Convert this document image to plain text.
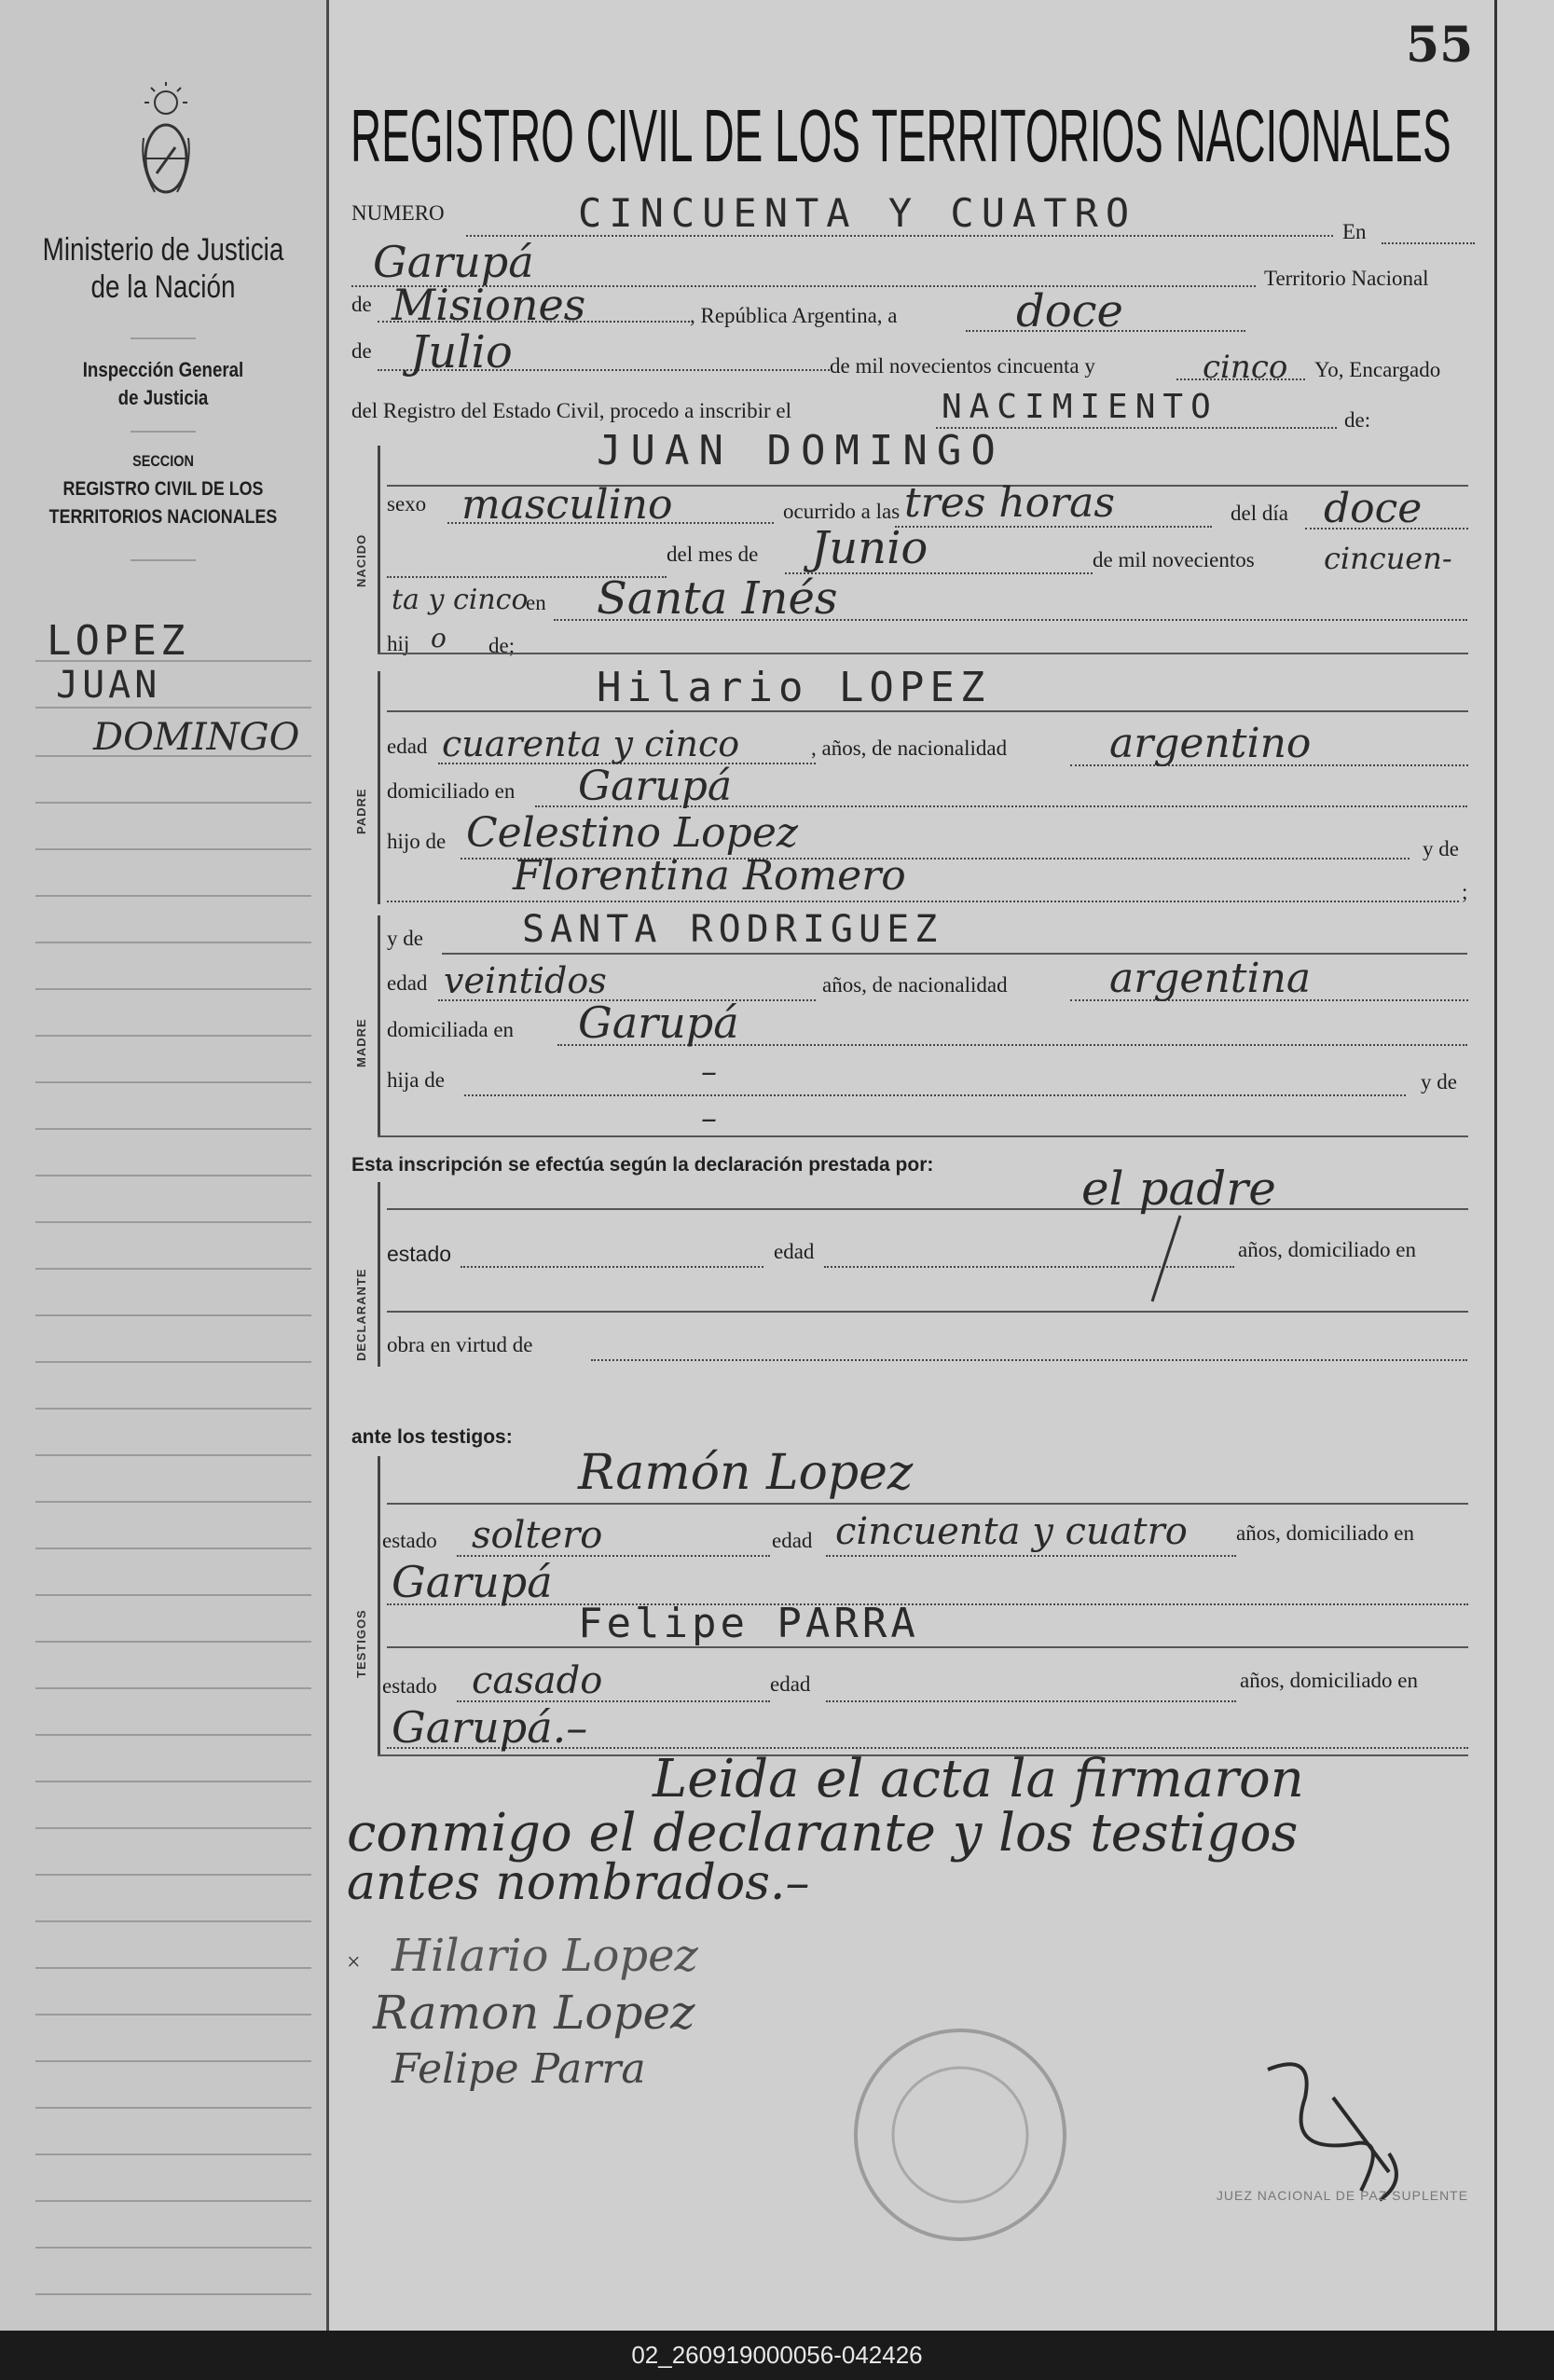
Ministerio de Justicia
de la Nación
Inspección General
de Justicia
SECCION
REGISTRO CIVIL DE LOS
TERRITORIOS NACIONALES
LOPEZ
JUAN
DOMINGO
55
REGISTRO CIVIL DE LOS TERRITORIOS NACIONALES
NUMERO	CINCUENTA Y CUATRO	En
Garupá	Territorio Nacional
de Misiones	, República Argentina, a	doce
de Julio	de mil novecientos cincuenta y	cinco Yo, Encargado
del Registro del Estado Civil, procedo a inscribir el	NACIMIENTO	de:
NACIDO
JUAN DOMINGO
sexo masculino	ocurrido a las tres horas	del día doce
del mes de Junio	de mil novecientos cincuen-
ta y cinco
en Santa Inés
hij o de;
PADRE
Hilario LOPEZ
edad cuarenta y cinco	, años, de nacionalidad argentino
domiciliado en Garupá
hijo de Celestino Lopez	y de
Florentina Romero	;
MADRE
y de	SANTA RODRIGUEZ
edad veintidos	años, de nacionalidad argentina
domiciliada en Garupá
hija de	–	y de
–
Esta inscripción se efectúa según la declaración prestada por:
DECLARANTE
el padre
estado	edad	años, domiciliado en
obra en virtud de
ante los testigos:
TESTIGOS
Ramón Lopez
estado soltero	edad cincuenta y cuatro años, domiciliado en
Garupá
Felipe PARRA
estado casado	edad	años, domiciliado en
Garupá.–
Leida el acta la firmaron
conmigo el declarante y los testigos
antes nombrados.–
× Hilario Lopez
Ramon Lopez
Felipe Parra
JUEZ NACIONAL DE PAZ SUPLENTE
02_260919000056-042426
